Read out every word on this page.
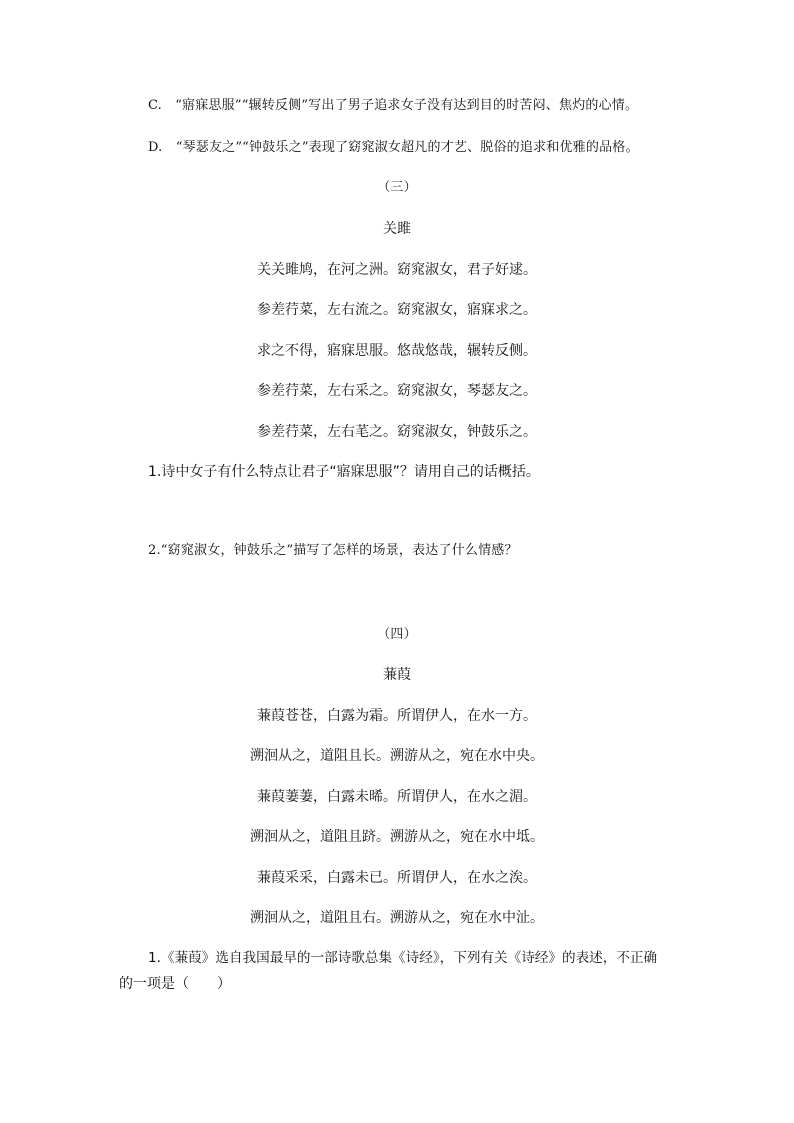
C.　“寤寐思服”“辗转反侧”写出了男子追求女子没有达到目的时苦闷、焦灼的心情。
D.　“琴瑟友之”“钟鼓乐之”表现了窈窕淑女超凡的才艺、脱俗的追求和优雅的品格。
（三）
关雎
关关雎鸠，在河之洲。窈窕淑女，君子好逑。
参差荇菜，左右流之。窈窕淑女，寤寐求之。
求之不得，寤寐思服。悠哉悠哉，辗转反侧。
参差荇菜，左右采之。窈窕淑女，琴瑟友之。
参差荇菜，左右芼之。窈窕淑女，钟鼓乐之。
1.诗中女子有什么特点让君子“寤寐思服”？请用自己的话概括。
2.“窈窕淑女，钟鼓乐之”描写了怎样的场景，表达了什么情感？
（四）
蒹葭
蒹葭苍苍，白露为霜。所谓伊人，在水一方。
溯洄从之，道阻且长。溯游从之，宛在水中央。
蒹葭萋萋，白露未晞。所谓伊人，在水之湄。
溯洄从之，道阻且跻。溯游从之，宛在水中坻。
蒹葭采采，白露未已。所谓伊人，在水之涘。
溯洄从之，道阻且右。溯游从之，宛在水中沚。
1.《蒹葭》选自我国最早的一部诗歌总集《诗经》，下列有关《诗经》的表述，不正确
的一项是（　　）
